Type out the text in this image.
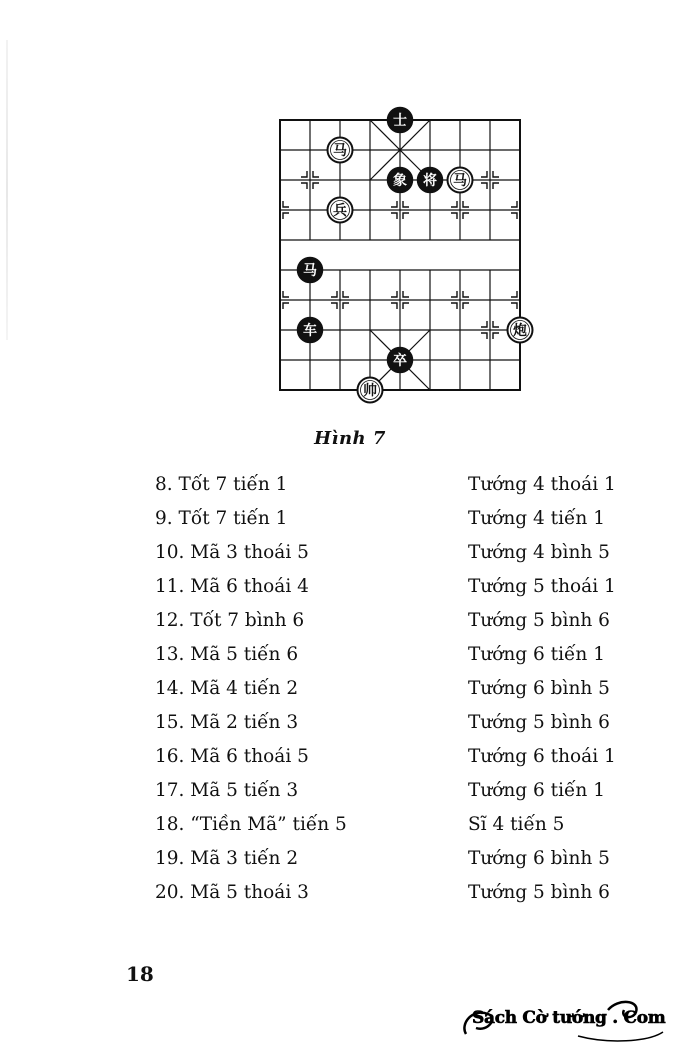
士
马
象 将 马
兵
马
车	炮
卒
帅
Hình 7
8. Tốt 7 tiến 1	Tướng 4 thoái 1
9. Tốt 7 tiến 1	Tướng 4 tiến 1
10. Mã 3 thoái 5	Tướng 4 bình 5
11. Mã 6 thoái 4	Tướng 5 thoái 1
12. Tốt 7 bình 6	Tướng 5 bình 6
13. Mã 5 tiến 6	Tướng 6 tiến 1
14. Mã 4 tiến 2	Tướng 6 bình 5
15. Mã 2 tiến 3	Tướng 5 bình 6
16. Mã 6 thoái 5	Tướng 6 thoái 1
17. Mã 5 tiến 3	Tướng 6 tiến 1
18. “Tiền Mã” tiến 5	Sĩ 4 tiến 5
19. Mã 3 tiến 2	Tướng 6 bình 5
20. Mã 5 thoái 3	Tướng 5 bình 6
18
Sách Cờ tướng . Com
